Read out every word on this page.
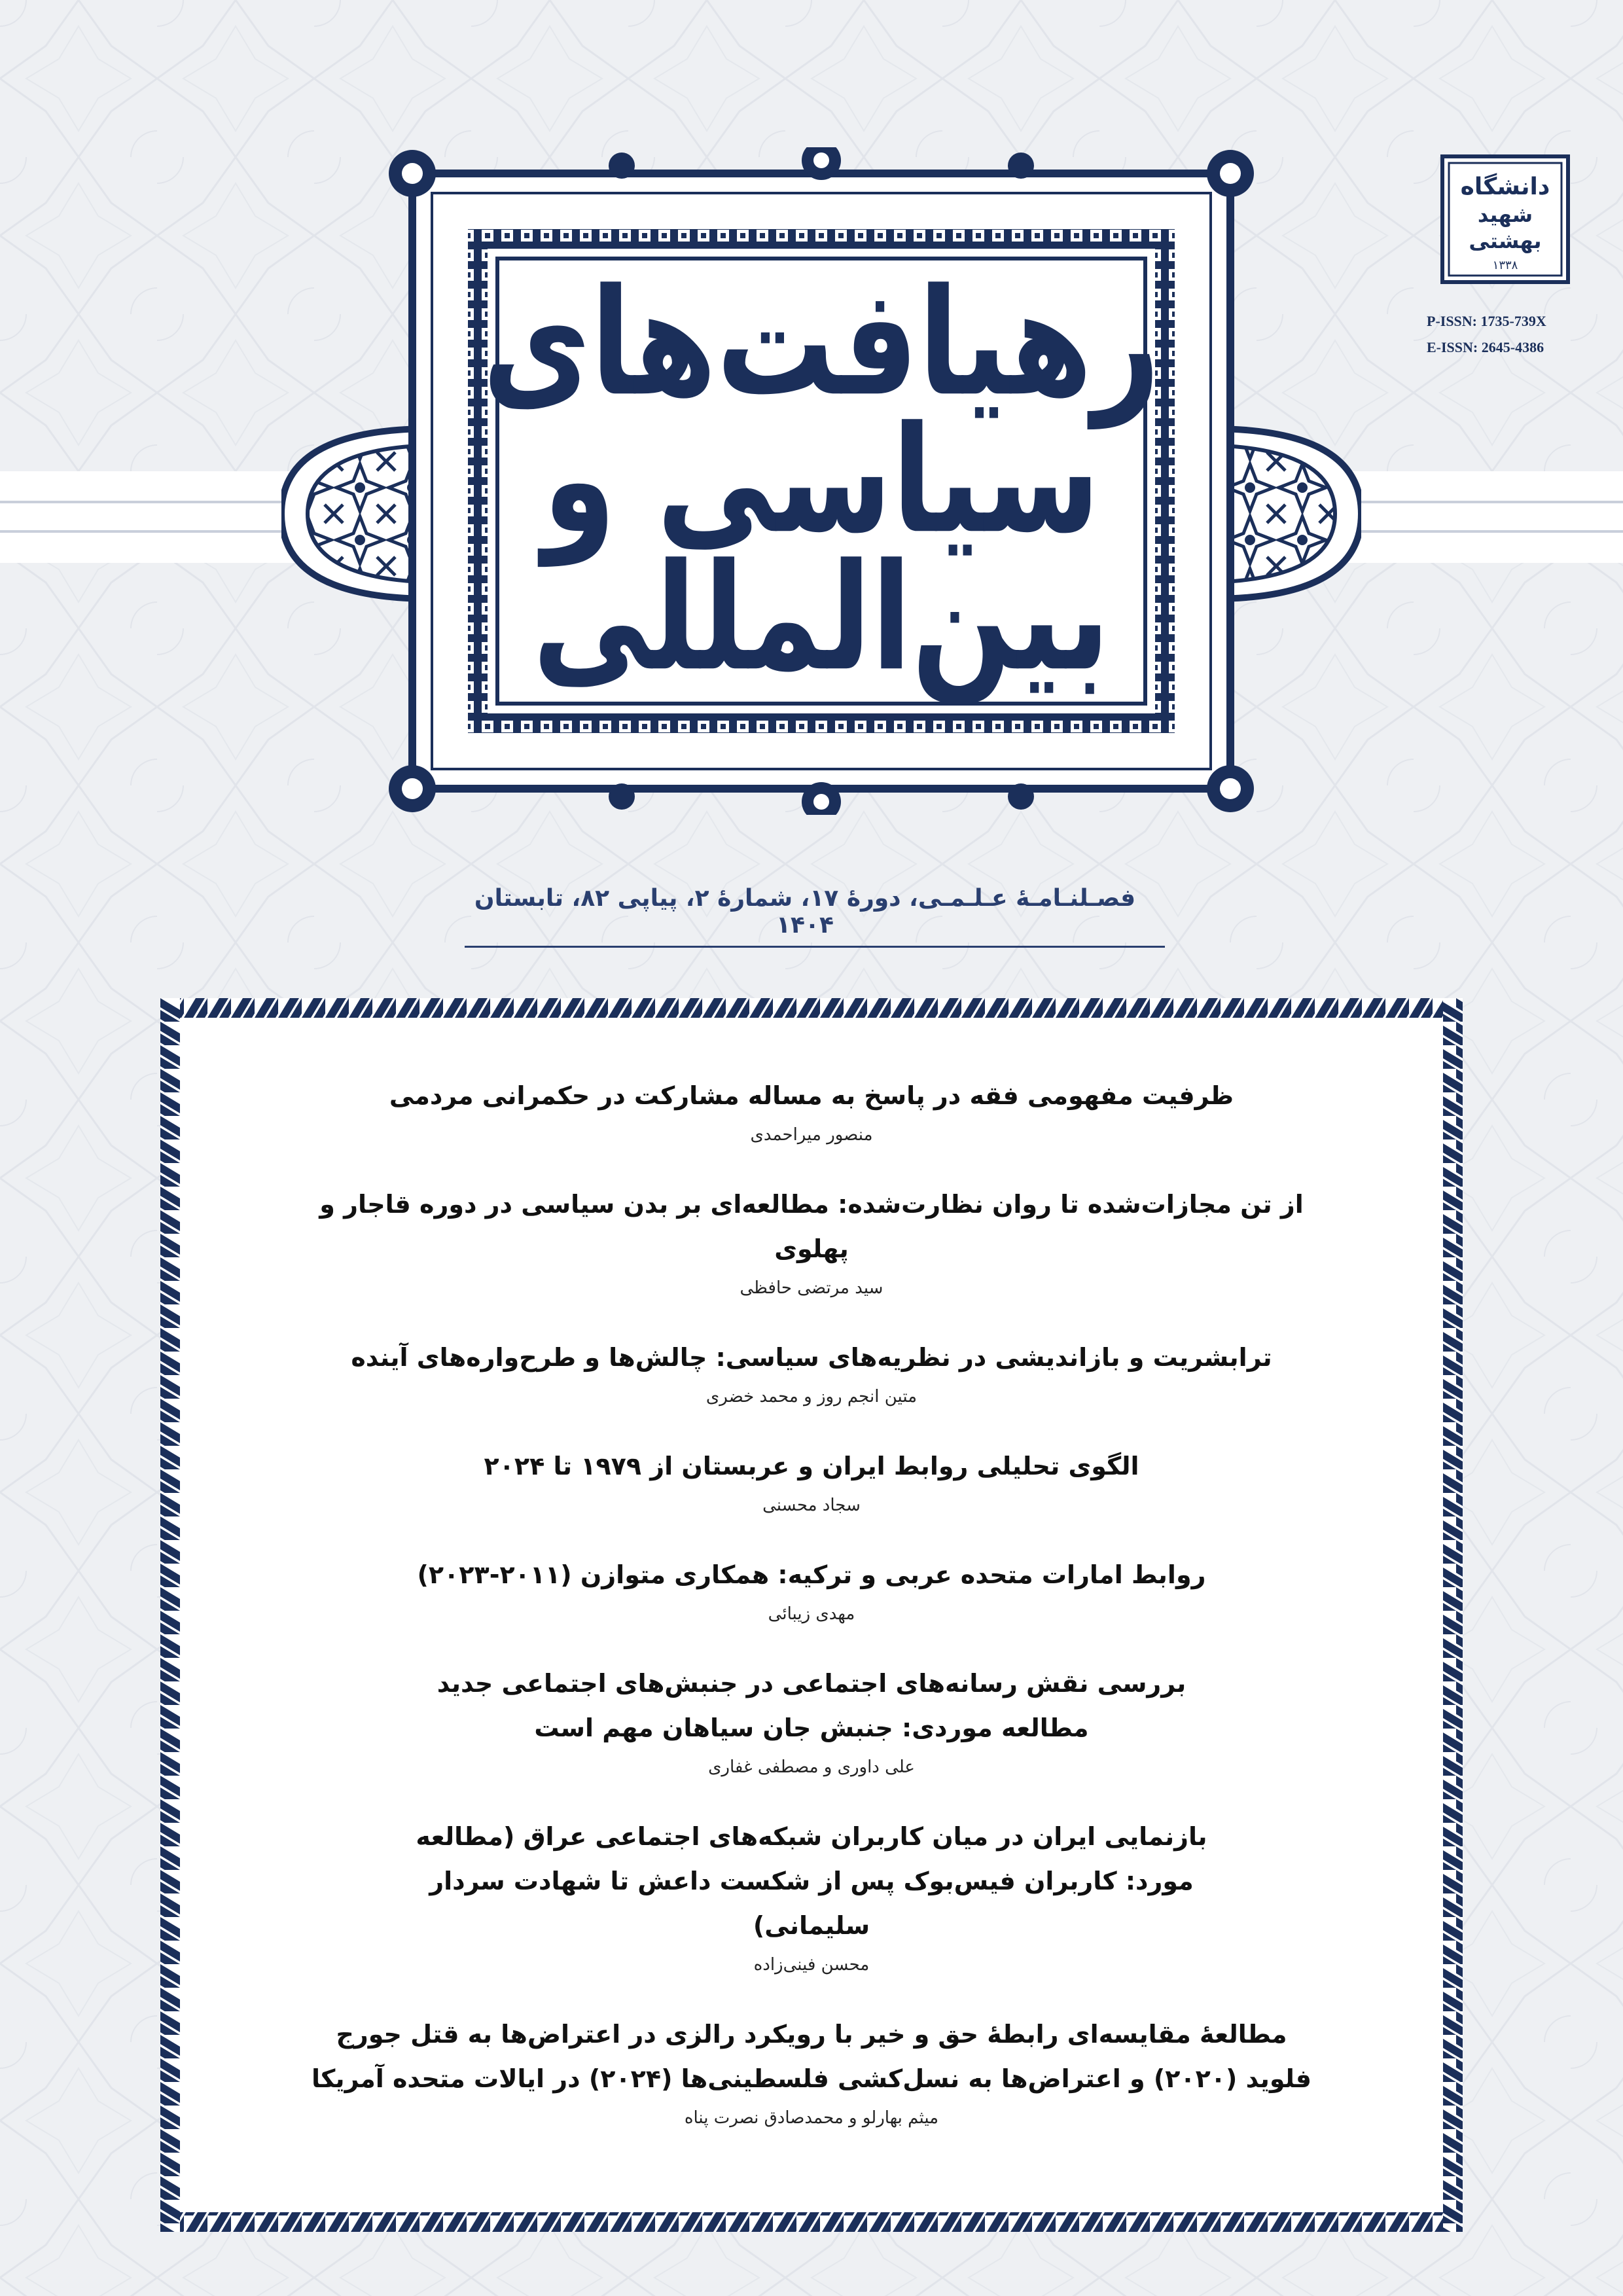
رهیافت‌های
سیاسی و
بین‌المللی
دانشگاه
شهید
بهشتی
۱۳۳۸
P-ISSN: 1735-739X
E-ISSN: 2645-4386
فصـلنـامـۀ عـلـمـی، دورۀ ۱۷، شمارۀ ۲، پیاپی ۸۲، تابستان ۱۴۰۴
ظرفیت مفهومی فقه در پاسخ به مساله مشارکت در حکمرانی مردمی
منصور میراحمدی
از تن مجازات‌شده تا روان نظارت‌شده: مطالعه‌ای بر بدن سیاسی در دوره قاجار و پهلوی
سید مرتضی حافظی
ترابشریت و بازاندیشی در نظریه‌های سیاسی: چالش‌ها و طرح‌واره‌های آینده
متین انجم روز و محمد خضری
الگوی تحلیلی روابط ایران و عربستان از ۱۹۷۹ تا ۲۰۲۴
سجاد محسنی
روابط امارات متحده عربی و ترکیه: همکاری متوازن (۲۰۱۱-۲۰۲۳)
مهدی زیبائی
بررسی نقش رسانه‌های اجتماعی در جنبش‌های اجتماعی جدید مطالعه موردی: جنبش جان سیاهان مهم است
علی داوری و مصطفی غفاری
بازنمایی ایران در میان کاربران شبکه‌های اجتماعی عراق (مطالعه مورد: کاربران فیس‌بوک پس از شکست داعش تا شهادت سردار سلیمانی)
محسن فینی‌زاده
مطالعۀ مقایسه‌ای رابطۀ حق و خیر با رویکرد رالزی در اعتراض‌ها به قتل جورج فلوید (۲۰۲۰) و اعتراض‌ها به نسل‌کشی فلسطینی‌ها (۲۰۲۴) در ایالات متحده آمریکا
میثم بهارلو و محمدصادق نصرت پناه
